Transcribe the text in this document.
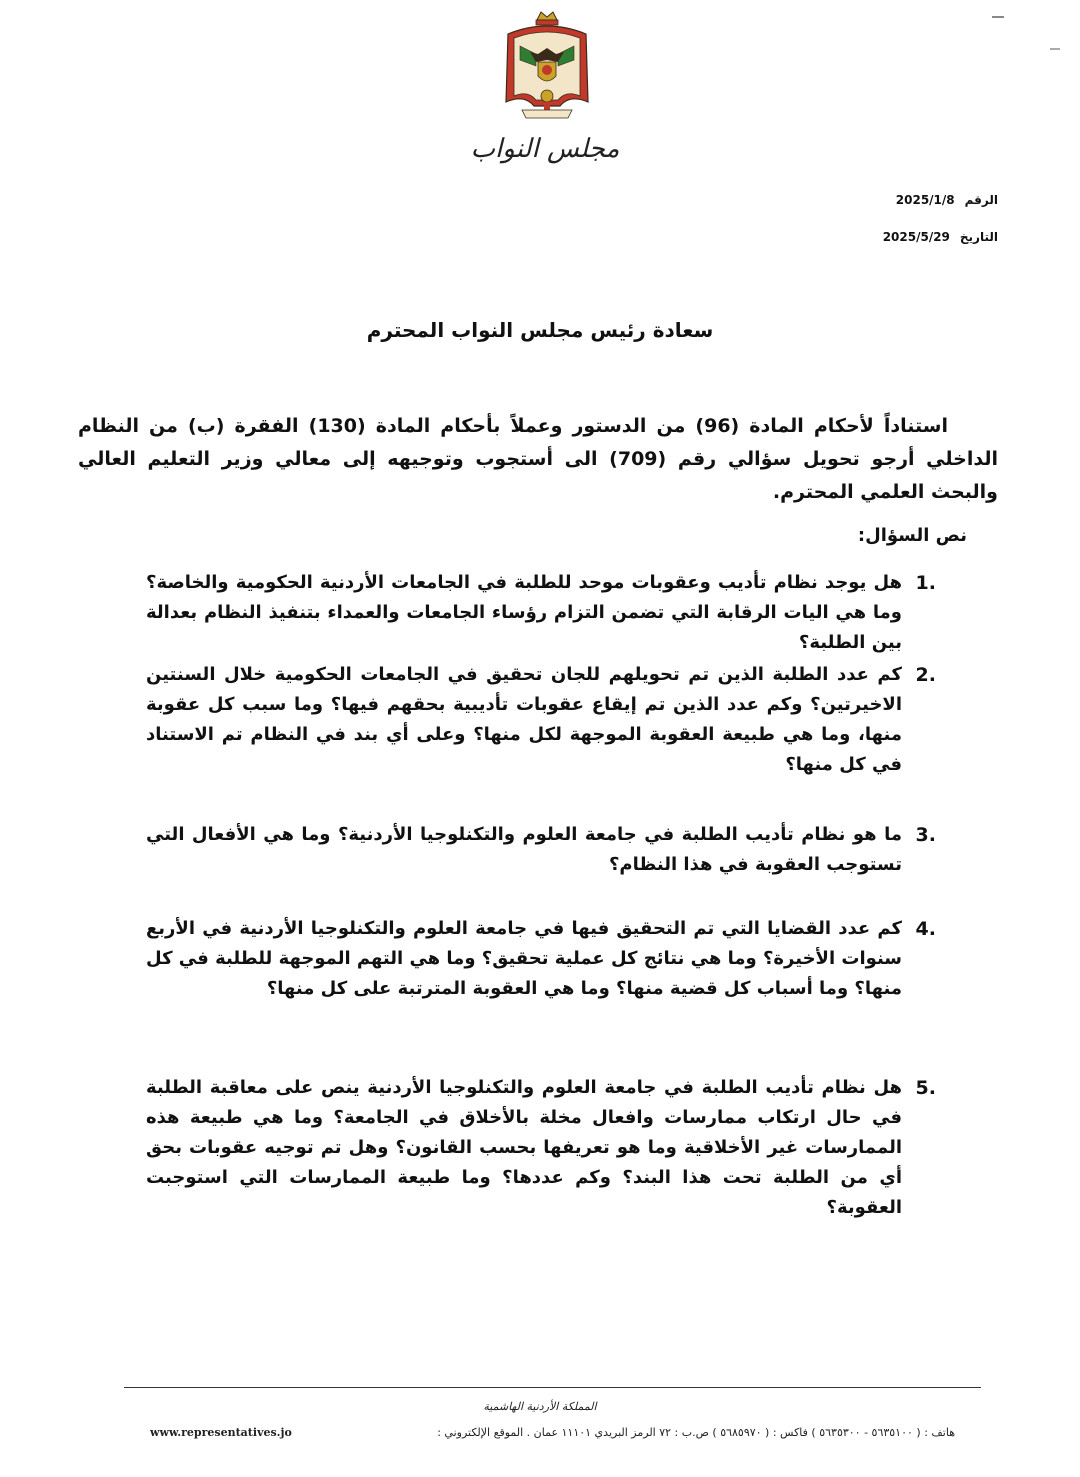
مجلس النواب
الرقم
2025/1/8
التاريخ
2025/5/29
سعادة رئيس مجلس النواب المحترم
استناداً لأحكام المادة (96) من الدستور وعملاً بأحكام المادة (130) الفقرة (ب) من النظام الداخلي أرجو تحويل سؤالي رقم (709) الى أستجوب وتوجيهه إلى معالي وزير التعليم العالي والبحث العلمي المحترم.
نص السؤال:
1.
هل يوجد نظام تأديب وعقوبات موحد للطلبة في الجامعات الأردنية الحكومية والخاصة؟ وما هي اليات الرقابة التي تضمن التزام رؤساء الجامعات والعمداء بتنفيذ النظام بعدالة بين الطلبة؟
2.
كم عدد الطلبة الذين تم تحويلهم للجان تحقيق في الجامعات الحكومية خلال السنتين الاخيرتين؟ وكم عدد الذين تم إيقاع عقوبات تأديبية بحقهم فيها؟ وما سبب كل عقوبة منها، وما هي طبيعة العقوبة الموجهة لكل منها؟ وعلى أي بند في النظام تم الاستناد في كل منها؟
3.
ما هو نظام تأديب الطلبة في جامعة العلوم والتكنلوجيا الأردنية؟ وما هي الأفعال التي تستوجب العقوبة في هذا النظام؟
4.
كم عدد القضايا التي تم التحقيق فيها في جامعة العلوم والتكنلوجيا الأردنية في الأربع سنوات الأخيرة؟ وما هي نتائج كل عملية تحقيق؟ وما هي التهم الموجهة للطلبة في كل منها؟ وما أسباب كل قضية منها؟ وما هي العقوبة المترتبة على كل منها؟
5.
هل نظام تأديب الطلبة في جامعة العلوم والتكنلوجيا الأردنية ينص على معاقبة الطلبة في حال ارتكاب ممارسات وافعال مخلة بالأخلاق في الجامعة؟ وما هي طبيعة هذه الممارسات غير الأخلاقية وما هو تعريفها بحسب القانون؟ وهل تم توجيه عقوبات بحق أي من الطلبة تحت هذا البند؟ وكم عددها؟ وما طبيعة الممارسات التي استوجبت العقوبة؟
المملكة الأردنية الهاشمية
www.representatives.jo	هاتف : ( ٥٦٣٥١٠٠ - ٥٦٣٥٣٠٠ ) فاكس : ( ٥٦٨٥٩٧٠ ) ص.ب : ٧٢ الرمز البريدي ١١١٠١ عمان . الموقع الإلكتروني :
